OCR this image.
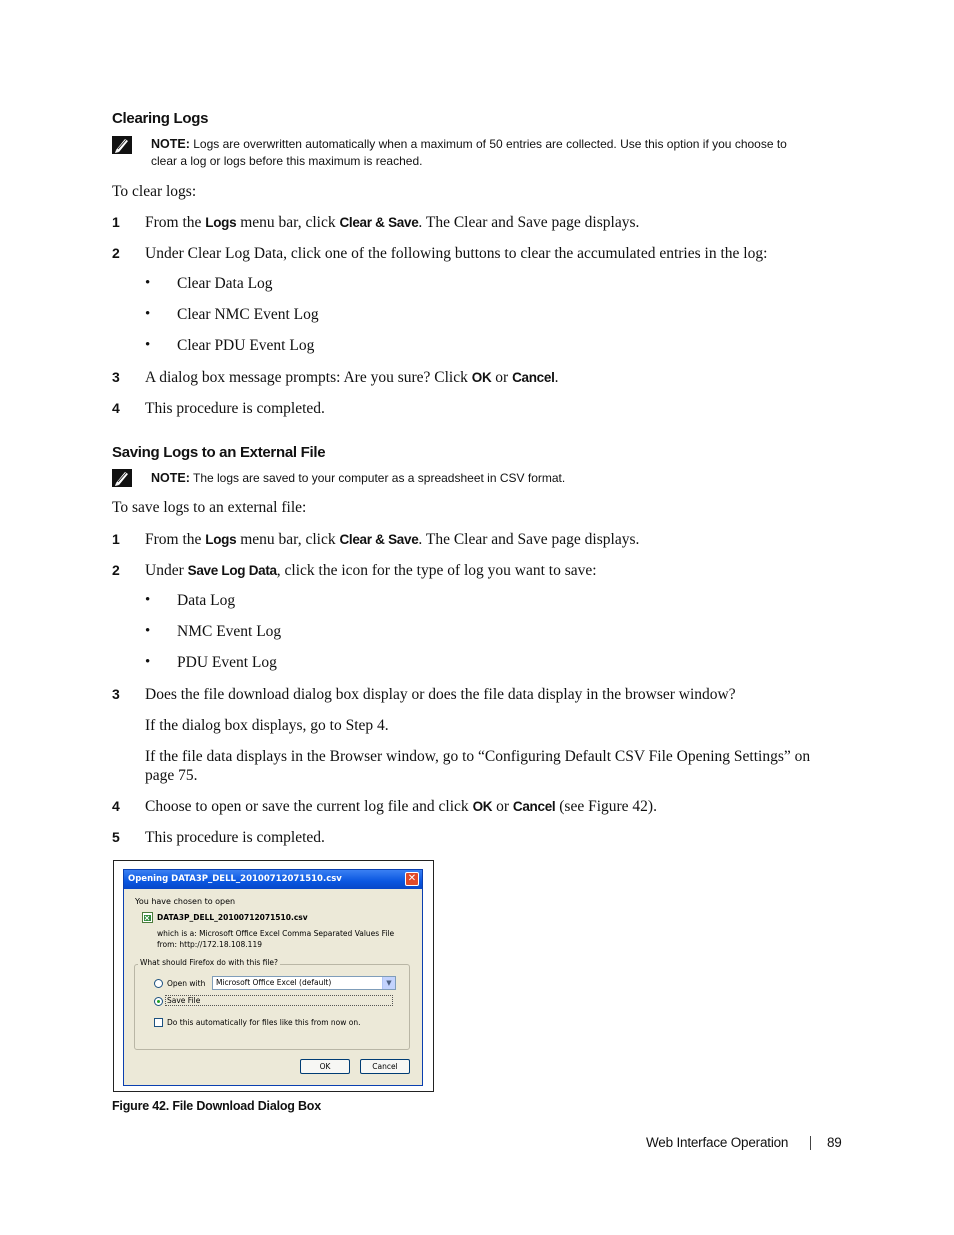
Clearing Logs
NOTE: Logs are overwritten automatically when a maximum of 50 entries are collected. Use this option if you choose to
clear a log or logs before this maximum is reached.
To clear logs:
1 From the Logs menu bar, click Clear & Save. The Clear and Save page displays.
2 Under Clear Log Data, click one of the following buttons to clear the accumulated entries in the log:
• Clear Data Log
• Clear NMC Event Log
• Clear PDU Event Log
3 A dialog box message prompts: Are you sure? Click OK or Cancel.
4 This procedure is completed.
Saving Logs to an External File
NOTE: The logs are saved to your computer as a spreadsheet in CSV format.
To save logs to an external file:
1 From the Logs menu bar, click Clear & Save. The Clear and Save page displays.
2 Under Save Log Data, click the icon for the type of log you want to save:
• Data Log
• NMC Event Log
• PDU Event Log
3 Does the file download dialog box display or does the file data display in the browser window?
If the dialog box displays, go to Step 4.
If the file data displays in the Browser window, go to “Configuring Default CSV File Opening Settings” on
page 75.
4 Choose to open or save the current log file and click OK or Cancel (see Figure 42).
5 This procedure is completed.
Opening DATA3P_DELL_20100712071510.csv	✕
You have chosen to open
DATA3P_DELL_20100712071510.csv
which is a: Microsoft Office Excel Comma Separated Values File
from: http://172.18.108.119
What should Firefox do with this file?
Open with	Microsoft Office Excel (default)	▼
Save File
Do this automatically for files like this from now on.
OK	Cancel
Figure 42. File Download Dialog Box
Web Interface Operation	89
